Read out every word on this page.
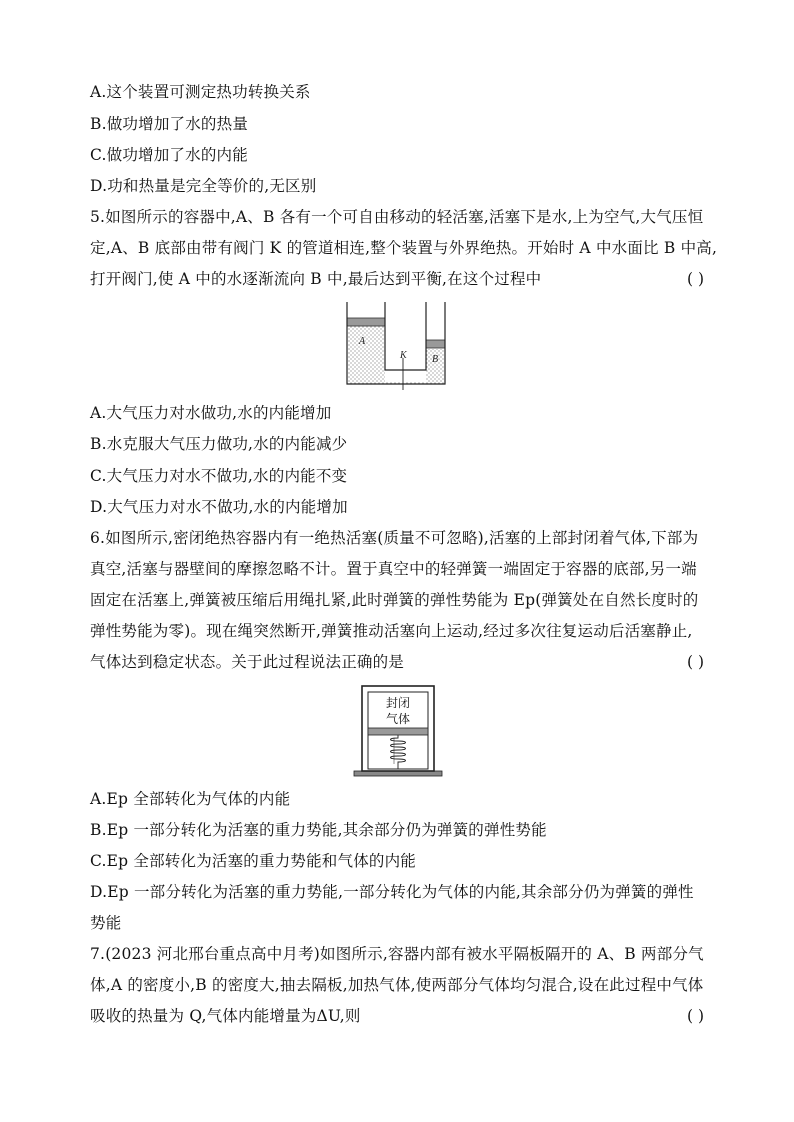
A.这个装置可测定热功转换关系
B.做功增加了水的热量
C.做功增加了水的内能
D.功和热量是完全等价的,无区别
5.如图所示的容器中,A、B 各有一个可自由移动的轻活塞,活塞下是水,上为空气,大气压恒
定,A、B 底部由带有阀门 K 的管道相连,整个装置与外界绝热。开始时 A 中水面比 B 中高,
打开阀门,使 A 中的水逐渐流向 B 中,最后达到平衡,在这个过程中	( )
A
K	B
A.大气压力对水做功,水的内能增加
B.水克服大气压力做功,水的内能减少
C.大气压力对水不做功,水的内能不变
D.大气压力对水不做功,水的内能增加
6.如图所示,密闭绝热容器内有一绝热活塞(质量不可忽略),活塞的上部封闭着气体,下部为
真空,活塞与器壁间的摩擦忽略不计。置于真空中的轻弹簧一端固定于容器的底部,另一端
固定在活塞上,弹簧被压缩后用绳扎紧,此时弹簧的弹性势能为 Ep(弹簧处在自然长度时的
弹性势能为零)。现在绳突然断开,弹簧推动活塞向上运动,经过多次往复运动后活塞静止,
气体达到稳定状态。关于此过程说法正确的是	( )
封闭
气体
A.Ep 全部转化为气体的内能
B.Ep 一部分转化为活塞的重力势能,其余部分仍为弹簧的弹性势能
C.Ep 全部转化为活塞的重力势能和气体的内能
D.Ep 一部分转化为活塞的重力势能,一部分转化为气体的内能,其余部分仍为弹簧的弹性
势能
7.(2023 河北邢台重点高中月考)如图所示,容器内部有被水平隔板隔开的 A、B 两部分气
体,A 的密度小,B 的密度大,抽去隔板,加热气体,使两部分气体均匀混合,设在此过程中气体
吸收的热量为 Q,气体内能增量为ΔU,则	( )
